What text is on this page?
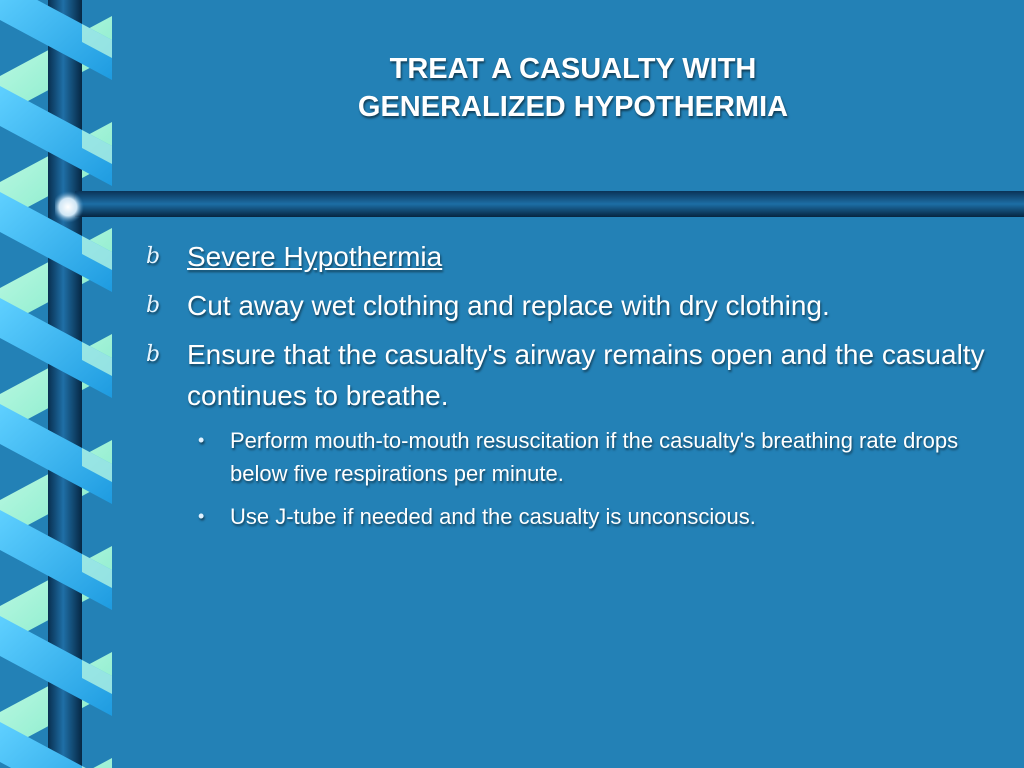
TREAT A CASUALTY WITH
GENERALIZED HYPOTHERMIA
b Severe Hypothermia
b Cut away wet clothing and replace with dry clothing.
b Ensure that the casualty's airway remains open and the casualty continues to breathe.
• Perform mouth-to-mouth resuscitation if the casualty's breathing rate drops below five respirations per minute.
• Use J-tube if needed and the casualty is unconscious.
